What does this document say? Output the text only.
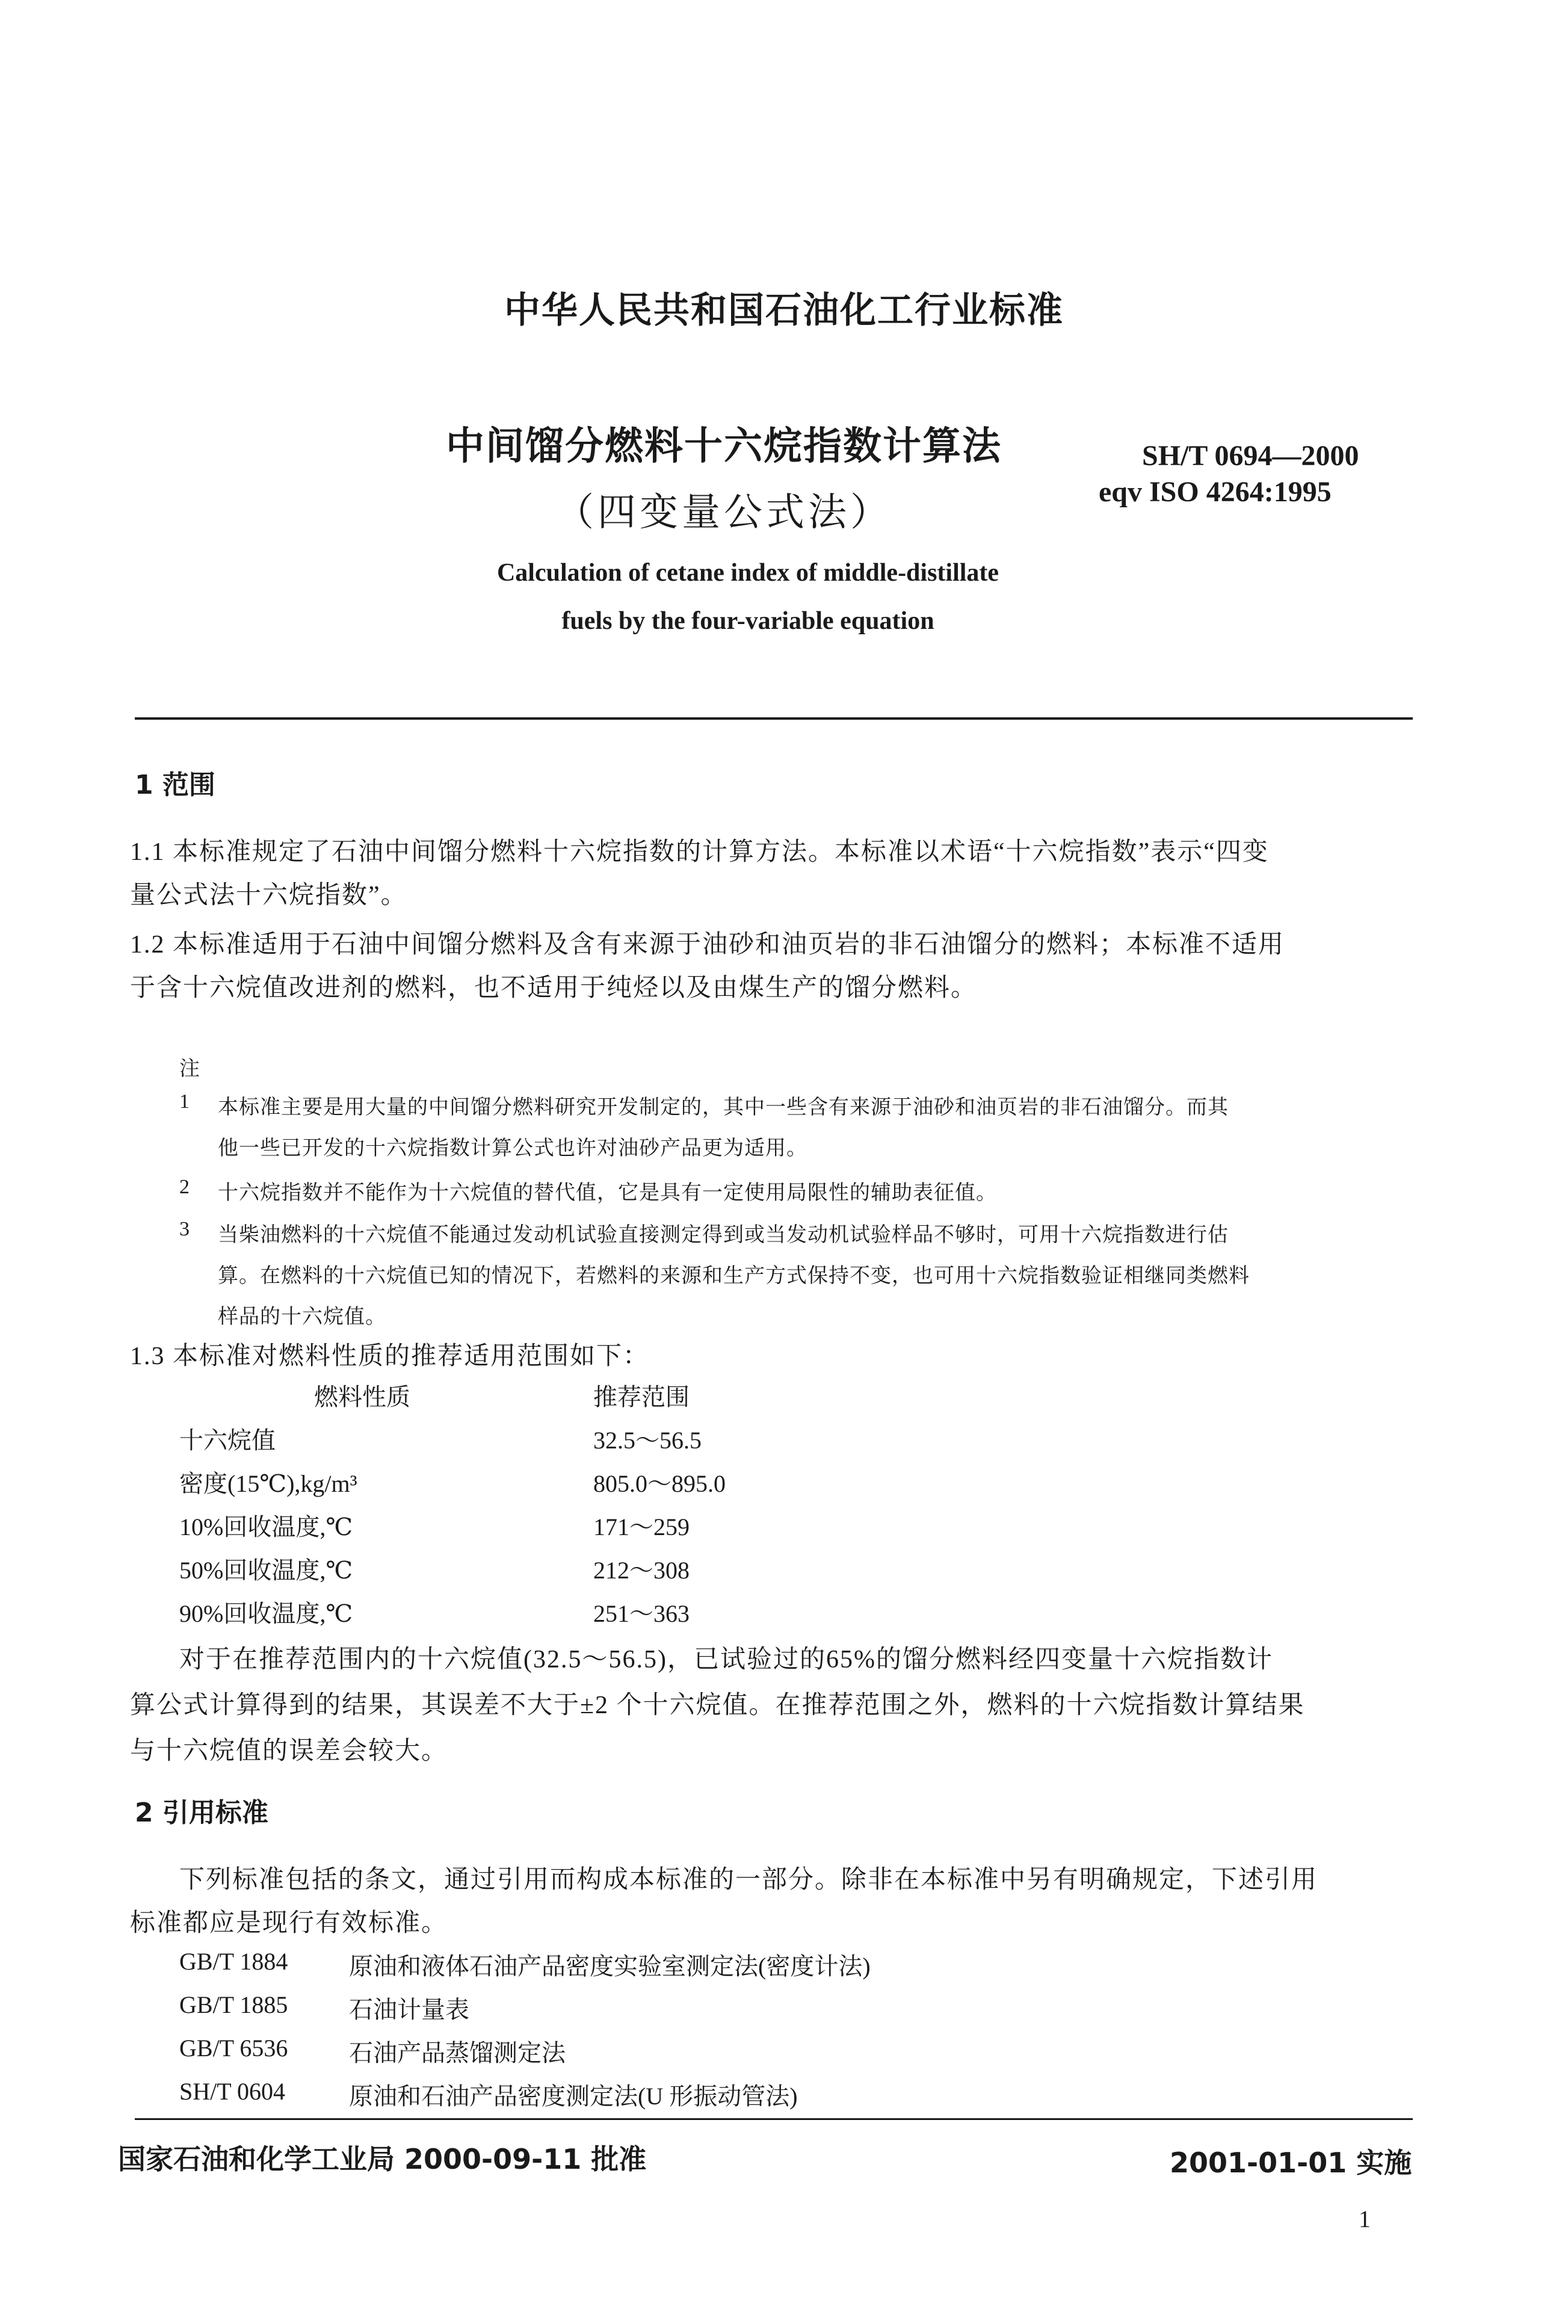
中华人民共和国石油化工行业标准
中间馏分燃料十六烷指数计算法
（四变量公式法）
SH/T 0694—2000
eqv ISO 4264:1995
Calculation of cetane index of middle-distillate
fuels by the four-variable equation
1 范围
1.1 本标准规定了石油中间馏分燃料十六烷指数的计算方法。本标准以术语“十六烷指数”表示“四变
量公式法十六烷指数”。
1.2 本标准适用于石油中间馏分燃料及含有来源于油砂和油页岩的非石油馏分的燃料；本标准不适用
于含十六烷值改进剂的燃料，也不适用于纯烃以及由煤生产的馏分燃料。
注
1 本标准主要是用大量的中间馏分燃料研究开发制定的，其中一些含有来源于油砂和油页岩的非石油馏分。而其
他一些已开发的十六烷指数计算公式也许对油砂产品更为适用。
2 十六烷指数并不能作为十六烷值的替代值，它是具有一定使用局限性的辅助表征值。
3 当柴油燃料的十六烷值不能通过发动机试验直接测定得到或当发动机试验样品不够时，可用十六烷指数进行估
算。在燃料的十六烷值已知的情况下，若燃料的来源和生产方式保持不变，也可用十六烷指数验证相继同类燃料
样品的十六烷值。
1.3 本标准对燃料性质的推荐适用范围如下：
燃料性质	推荐范围
十六烷值	32.5～56.5
密度(15℃),kg/m³	805.0～895.0
10%回收温度,℃	171～259
50%回收温度,℃	212～308
90%回收温度,℃	251～363
对于在推荐范围内的十六烷值(32.5～56.5)，已试验过的65%的馏分燃料经四变量十六烷指数计
算公式计算得到的结果，其误差不大于±2 个十六烷值。在推荐范围之外，燃料的十六烷指数计算结果
与十六烷值的误差会较大。
2 引用标准
下列标准包括的条文，通过引用而构成本标准的一部分。除非在本标准中另有明确规定，下述引用
标准都应是现行有效标准。
GB/T 1884	原油和液体石油产品密度实验室测定法(密度计法)
GB/T 1885	石油计量表
GB/T 6536	石油产品蒸馏测定法
SH/T 0604	原油和石油产品密度测定法(U 形振动管法)
国家石油和化学工业局 2000-09-11 批准	2001-01-01 实施
1
